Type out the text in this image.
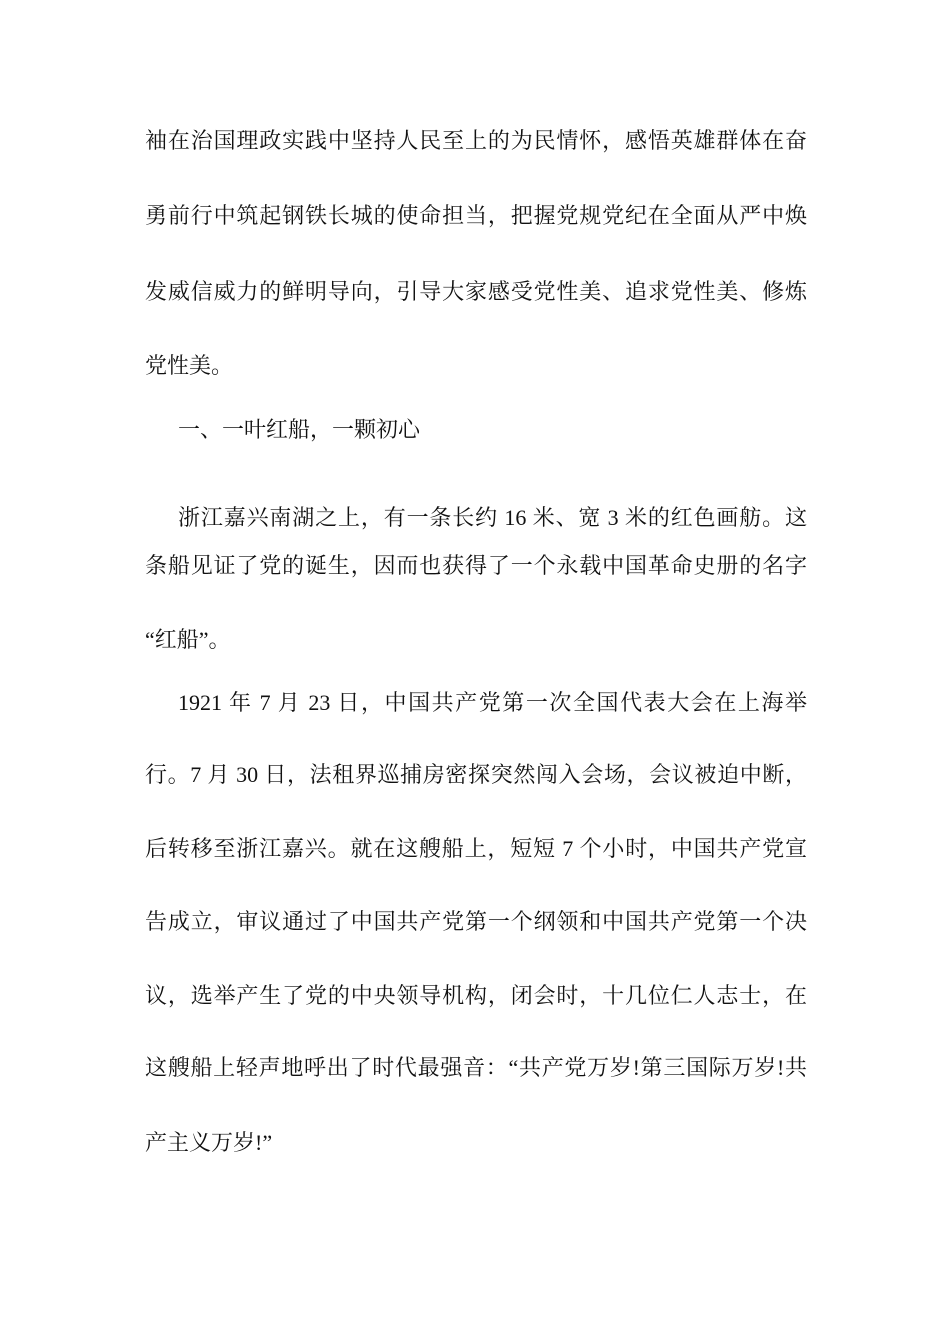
袖在治国理政实践中坚持人民至上的为民情怀，感悟英雄群体在奋
勇前行中筑起钢铁长城的使命担当，把握党规党纪在全面从严中焕
发威信威力的鲜明导向，引导大家感受党性美、追求党性美、修炼
党性美。
一、一叶红船，一颗初心
浙江嘉兴南湖之上，有一条长约 16 米、宽 3 米的红色画舫。这
条船见证了党的诞生，因而也获得了一个永载中国革命史册的名字
“红船”。
1921 年 7 月 23 日，中国共产党第一次全国代表大会在上海举
行。7 月 30 日，法租界巡捕房密探突然闯入会场，会议被迫中断，
后转移至浙江嘉兴。就在这艘船上，短短 7 个小时，中国共产党宣
告成立，审议通过了中国共产党第一个纲领和中国共产党第一个决
议，选举产生了党的中央领导机构，闭会时，十几位仁人志士，在
这艘船上轻声地呼出了时代最强音：“共产党万岁!第三国际万岁!共
产主义万岁!”
